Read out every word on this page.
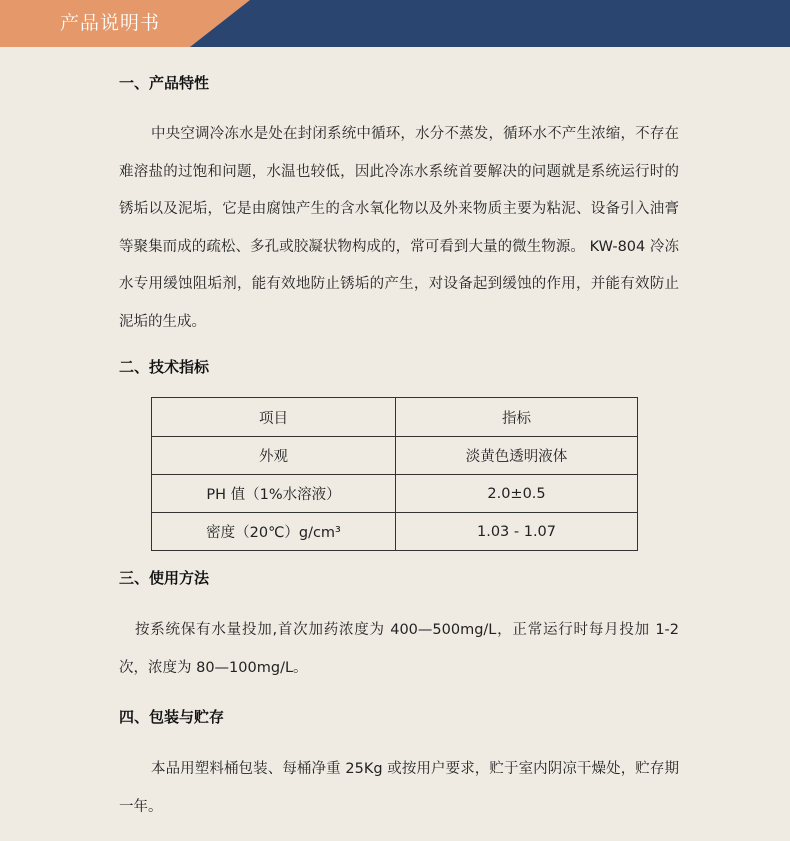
产品说明书
一、产品特性

中央空调冷冻水是处在封闭系统中循环，水分不蒸发，循环水不产生浓缩，不存在难溶盐的过饱和问题，水温也较低，因此冷冻水系统首要解决的问题就是系统运行时的锈垢以及泥垢，它是由腐蚀产生的含水氧化物以及外来物质主要为粘泥、设备引入油膏等聚集而成的疏松、多孔或胶凝状物构成的，常可看到大量的微生物源。 KW-804 冷冻水专用缓蚀阻垢剂，能有效地防止锈垢的产生，对设备起到缓蚀的作用，并能有效防止泥垢的生成。

二、技术指标
项目	指标
外观	淡黄色透明液体
PH 值（1%水溶液）	2.0±0.5
密度（20℃）g/cm³	1.03 - 1.07
三、使用方法

按系统保有水量投加,首次加药浓度为 400—500mg/L，正常运行时每月投加 1-2 次，浓度为 80—100mg/L。

四、包装与贮存

本品用塑料桶包装、每桶净重 25Kg 或按用户要求，贮于室内阴凉干燥处，贮存期一年。
